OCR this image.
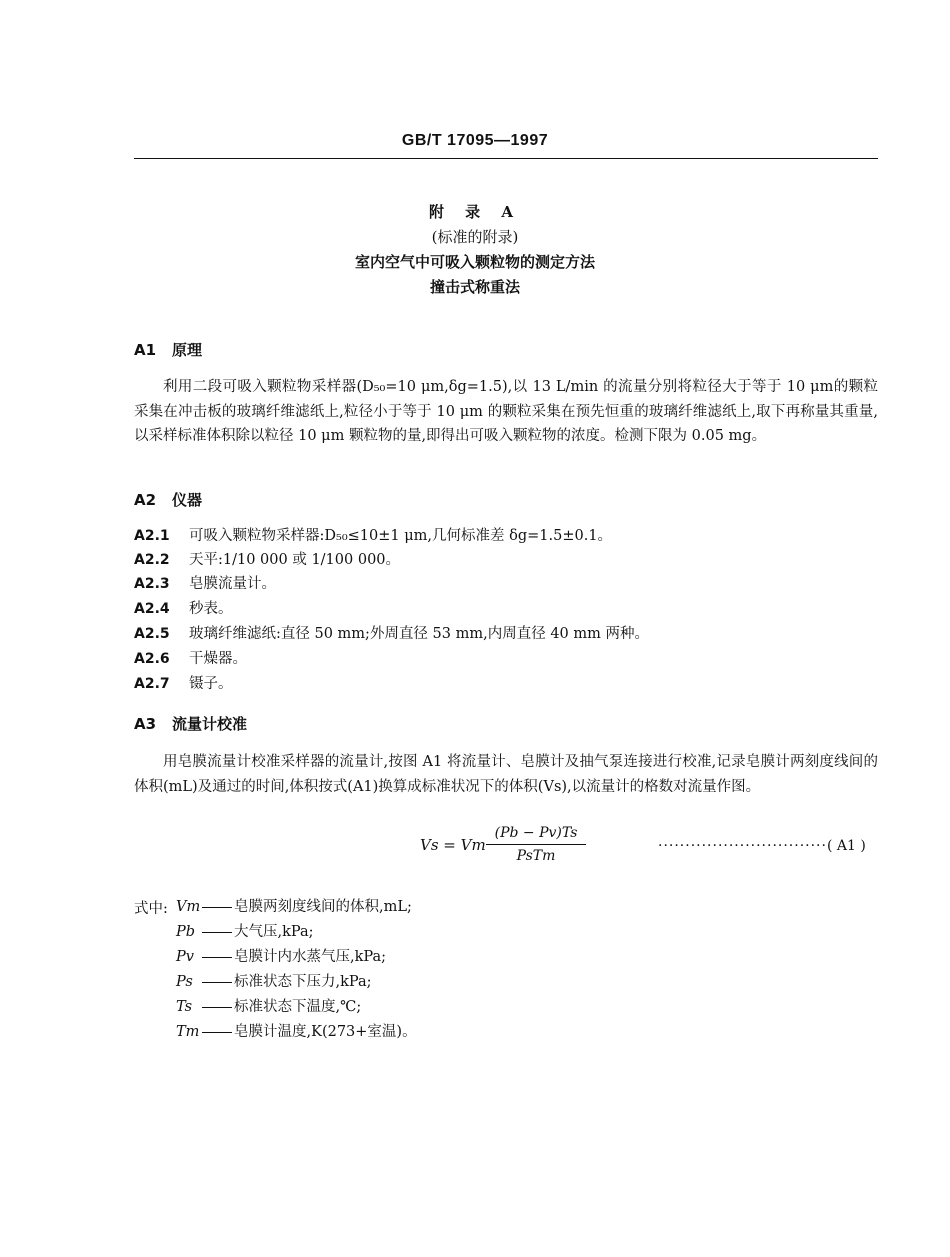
GB/T 17095—1997
附 录 A
(标准的附录)
室内空气中可吸入颗粒物的测定方法
撞击式称重法
A1 原理
利用二段可吸入颗粒物采样器(D₅₀=10 μm,δg=1.5),以 13 L/min 的流量分别将粒径大于等于 10 μm的颗粒采集在冲击板的玻璃纤维滤纸上,粒径小于等于 10 μm 的颗粒采集在预先恒重的玻璃纤维滤纸上,取下再称量其重量,以采样标准体积除以粒径 10 μm 颗粒物的量,即得出可吸入颗粒物的浓度。检测下限为 0.05 mg。
A2 仪器
A2.1 可吸入颗粒物采样器:D₅₀≤10±1 μm,几何标准差 δg=1.5±0.1。
A2.2 天平:1/10 000 或 1/100 000。
A2.3 皂膜流量计。
A2.4 秒表。
A2.5 玻璃纤维滤纸:直径 50 mm;外周直径 53 mm,内周直径 40 mm 两种。
A2.6 干燥器。
A2.7 镊子。
A3 流量计校准
用皂膜流量计校准采样器的流量计,按图 A1 将流量计、皂膜计及抽气泵连接进行校准,记录皂膜计两刻度线间的体积(mL)及通过的时间,体积按式(A1)换算成标准状况下的体积(Vs),以流量计的格数对流量作图。
Vs = Vm
(Pb − Pv)Ts
PsTm
·······························( A1 )
式中: Vm 皂膜两刻度线间的体积,mL;
Pb	大气压,kPa;
Pv	皂膜计内水蒸气压,kPa;
Ps	标准状态下压力,kPa;
Ts	标准状态下温度,℃;
Tm 皂膜计温度,K(273+室温)。
